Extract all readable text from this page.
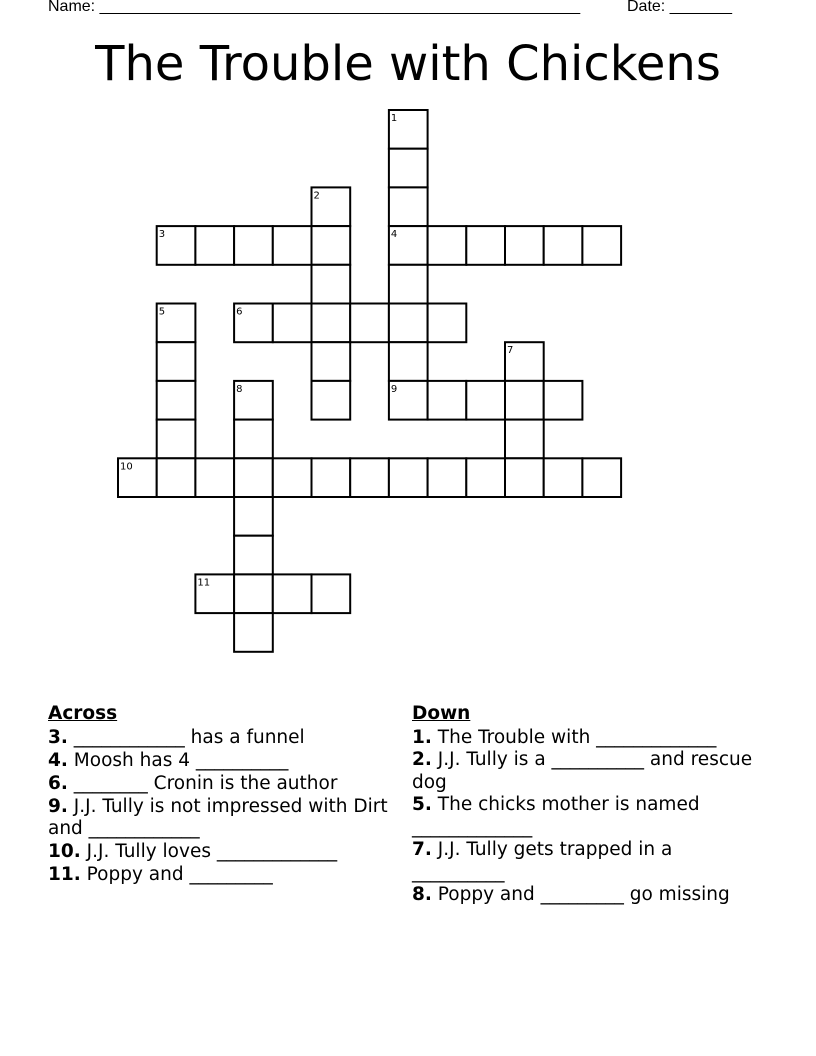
Name: ______________________________________________________	Date: _______
The Trouble with Chickens
1
2
3	4
5	6
7
8	9
10
11
Across
3. ____________ has a funnel
4. Moosh has 4 __________
6. ________ Cronin is the author
9. J.J. Tully is not impressed with Dirt and ____________
10. J.J. Tully loves _____________
11. Poppy and _________
Down
1. The Trouble with _____________
2. J.J. Tully is a __________ and rescue dog
5. The chicks mother is named _____________
7. J.J. Tully gets trapped in a __________
8. Poppy and _________ go missing
